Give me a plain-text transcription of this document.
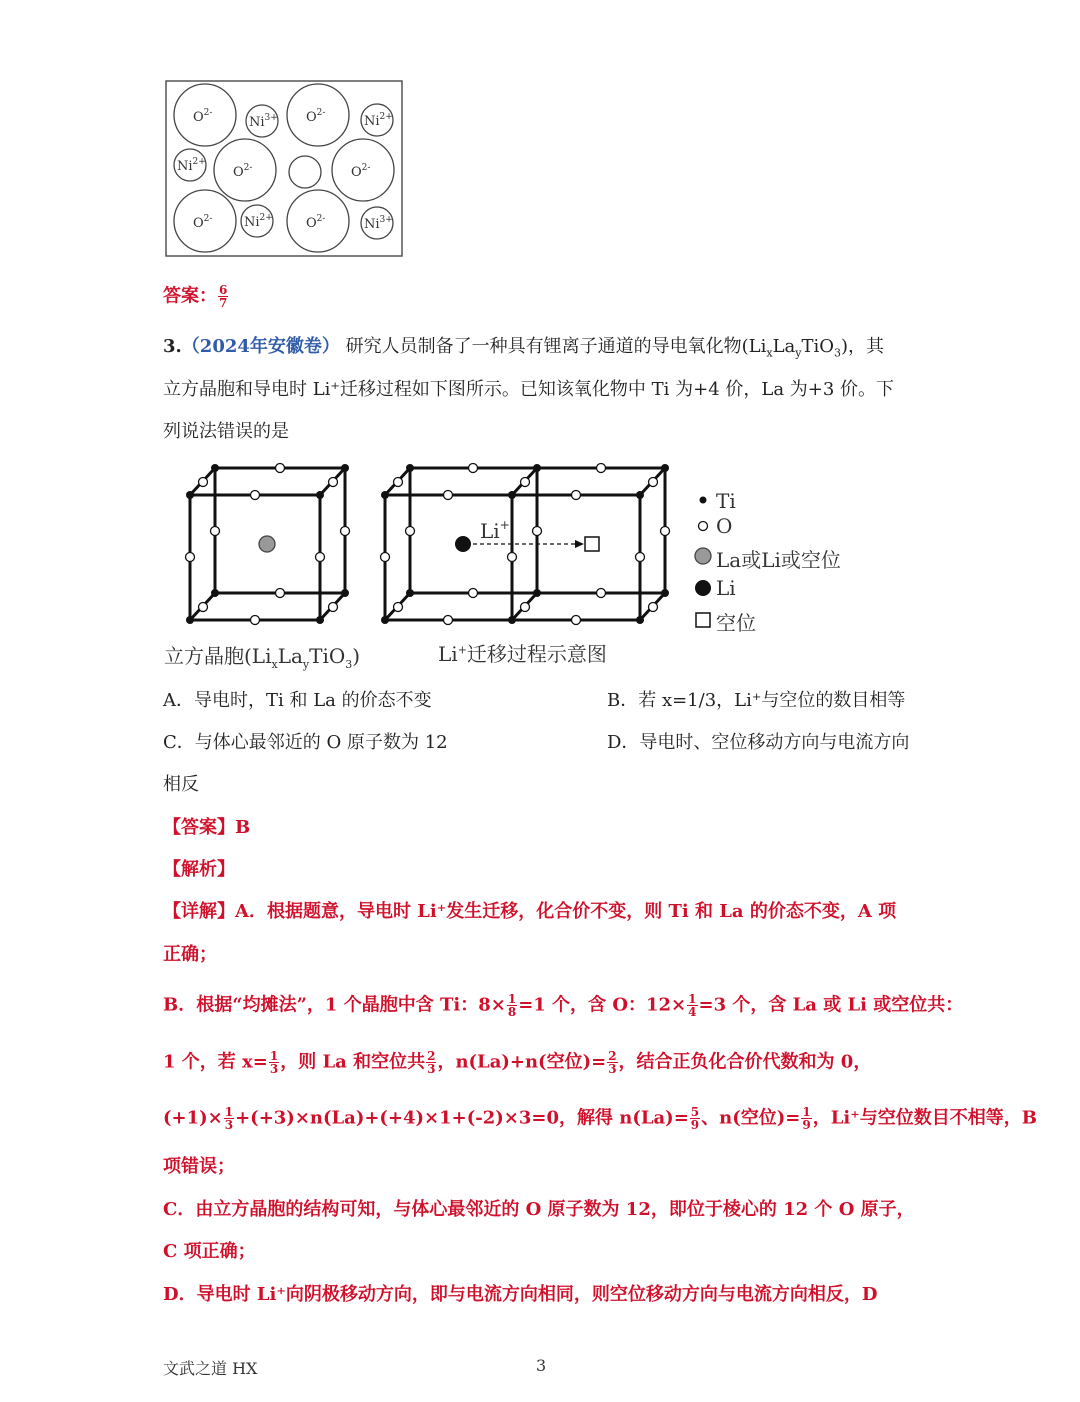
$O^{2-}$
$Ni^{3+}$ $O^{2-}$
$Ni^{2+}$
$Ni^{2+}$
$O^{2-}$	$O^{2-}$
$O^{2-}$ $Ni^{2+}$	$O^{2-}$	$Ni^{3+}$
答案： $\frac{6}{7}$
3.（2024年安徽卷） 研究人员制备了一种具有锂离子通道的导电氧化物$(Li_xLa_yTiO_3)$，其
立方晶胞和导电时 Li⁺迁移过程如下图所示。已知该氧化物中 Ti 为+4 价，La 为+3 价。下
列说法错误的是
Li+
Ti
O
La或Li或空位
Li
空位
立方晶胞$(Li_xLa_yTiO_3)$	Li+迁移过程示意图
A．导电时，Ti 和 La 的价态不变	B．若 x=1/3，Li⁺与空位的数目相等
C．与体心最邻近的 O 原子数为 12	D．导电时、空位移动方向与电流方向
相反
【答案】B
【解析】
【详解】A．根据题意，导电时 Li⁺发生迁移，化合价不变，则 Ti 和 La 的价态不变，A 项
正确；
B．根据“均摊法”，1 个晶胞中含 Ti：$8\times \frac{1}{8} =1$ 个，含 O：$12\times \frac{1}{4} =3$ 个，含 La 或 Li 或空位共：
1 个，若 $x= \frac{1}{3}$ ，则 La 和空位共 $\frac{2}{3}$ ，n(La)+n(空位)= $\frac{2}{3}$ ，结合正负化合价代数和为 0，
$(+1)\times \frac{1}{3} +(+3)\times n(La)+(+4)\times 1+(-2)\times 3=0$，解得 $n(La)= \frac{5}{9}$ 、n(空位)= $\frac{1}{9}$ ，Li⁺与空位数目不相等，B
项错误；
C．由立方晶胞的结构可知，与体心最邻近的 O 原子数为 12，即位于棱心的 12 个 O 原子，
C 项正确；
D．导电时 Li⁺向阴极移动方向，即与电流方向相同，则空位移动方向与电流方向相反，D
文武之道 HX	3
